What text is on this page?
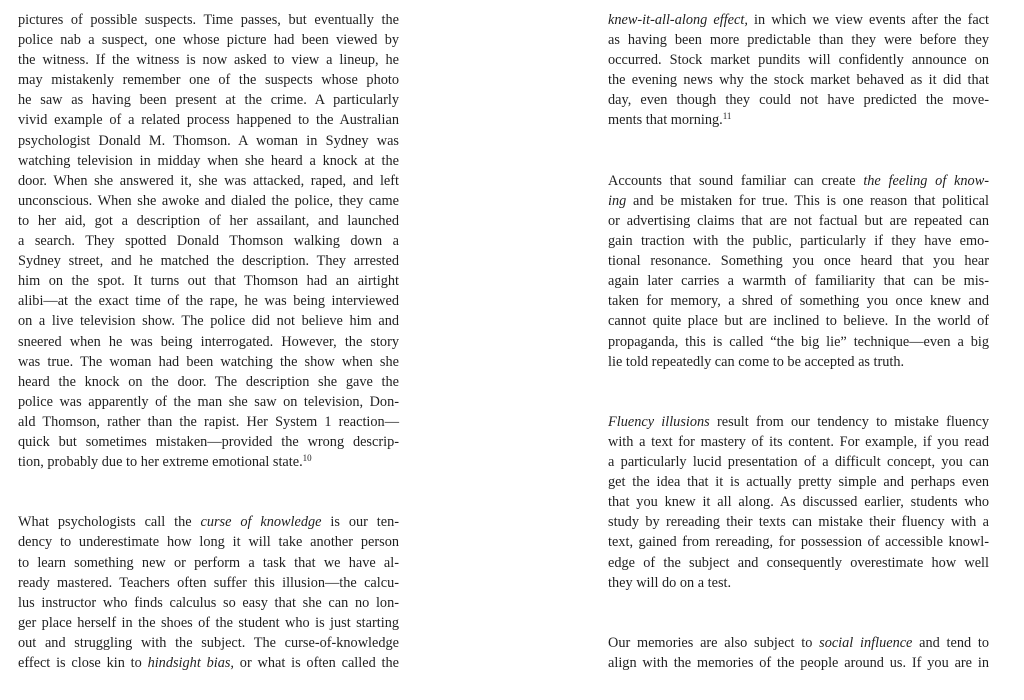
pictures of possible suspects. Time passes, but eventually the
police nab a suspect, one whose picture had been viewed by
the witness. If the witness is now asked to view a lineup, he
may mistakenly remember one of the suspects whose photo
he saw as having been present at the crime. A particularly
vivid example of a related process happened to the Australian
psychologist Donald M. Thomson. A woman in Sydney was
watching television in midday when she heard a knock at the
door. When she answered it, she was attacked, raped, and left
unconscious. When she awoke and dialed the police, they came
to her aid, got a description of her assailant, and launched
a search. They spotted Donald Thomson walking down a
Sydney street, and he matched the description. They arrested
him on the spot. It turns out that Thomson had an airtight
alibi—at the exact time of the rape, he was being interviewed
on a live television show. The police did not believe him and
sneered when he was being interrogated. However, the story
was true. The woman had been watching the show when she
heard the knock on the door. The description she gave the
police was apparently of the man she saw on television, Don-
ald Thomson, rather than the rapist. Her System 1 reaction—
quick but sometimes mistaken—provided the wrong descrip-
tion, probably due to her extreme emotional state.$^{10}$
What psychologists call the curse of knowledge is our ten-
dency to underestimate how long it will take another person
to learn something new or perform a task that we have al-
ready mastered. Teachers often suffer this illusion—the calcu-
lus instructor who finds calculus so easy that she can no lon-
ger place herself in the shoes of the student who is just starting
out and struggling with the subject. The curse-of-knowledge
effect is close kin to hindsight bias, or what is often called the
knew-it-all-along effect, in which we view events after the fact
as having been more predictable than they were before they
occurred. Stock market pundits will confidently announce on
the evening news why the stock market behaved as it did that
day, even though they could not have predicted the move-
ments that morning.$^{11}$
Accounts that sound familiar can create the feeling of know-
ing and be mistaken for true. This is one reason that political
or advertising claims that are not factual but are repeated can
gain traction with the public, particularly if they have emo-
tional resonance. Something you once heard that you hear
again later carries a warmth of familiarity that can be mis-
taken for memory, a shred of something you once knew and
cannot quite place but are inclined to believe. In the world of
propaganda, this is called “the big lie” technique—even a big
lie told repeatedly can come to be accepted as truth.
Fluency illusions result from our tendency to mistake fluency
with a text for mastery of its content. For example, if you read
a particularly lucid presentation of a difficult concept, you can
get the idea that it is actually pretty simple and perhaps even
that you knew it all along. As discussed earlier, students who
study by rereading their texts can mistake their fluency with a
text, gained from rereading, for possession of accessible knowl-
edge of the subject and consequently overestimate how well
they will do on a test.
Our memories are also subject to social influence and tend to
align with the memories of the people around us. If you are in
